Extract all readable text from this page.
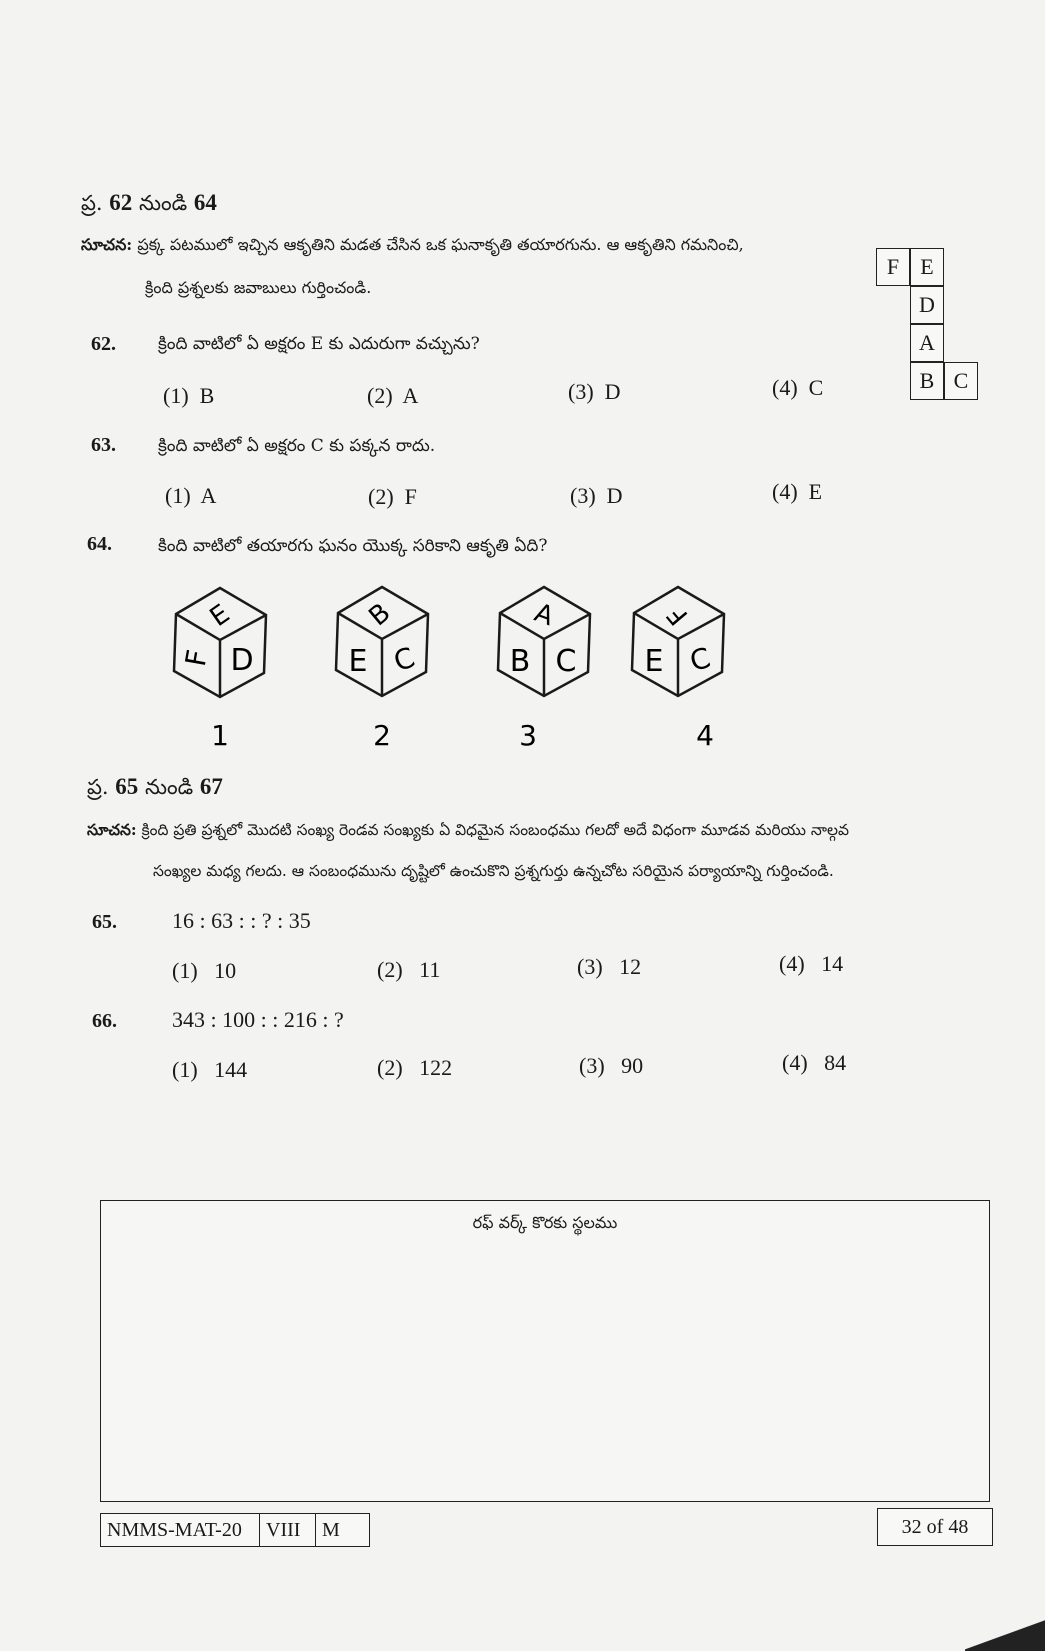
ప్ర. 62 నుండి 64
సూచన: ప్రక్క పటములో ఇచ్చిన ఆకృతిని మడత చేసిన ఒక ఘనాకృతి తయారగును. ఆ ఆకృతిని గమనించి,
క్రింది ప్రశ్నలకు జవాబులు గుర్తించండి.
F E
D
A
B C
62. క్రింది వాటిలో ఏ అక్షరం E కు ఎదురుగా వచ్చును?
(1)  B	(2)  A	(3)  D	(4)  C
63. క్రింది వాటిలో ఏ అక్షరం C కు పక్కన రాదు.
(1)  A	(2)  F	(3)  D	(4)  E
64.	కింది వాటిలో తయారగు ఘనం యొక్క సరికాని ఆకృతి ఏది?
E
F D
1
B
E C
2
A
B C
3
F
E C
4
ప్ర. 65 నుండి 67
సూచన: క్రింది ప్రతి ప్రశ్నలో మొదటి సంఖ్య రెండవ సంఖ్యకు ఏ విధమైన సంబంధము గలదో అదే విధంగా మూడవ మరియు నాల్గవ
సంఖ్యల మధ్య గలదు. ఆ సంబంధమును దృష్టిలో ఉంచుకొని ప్రశ్నగుర్తు ఉన్నచోట సరియైన పర్యాయాన్ని గుర్తించండి.
65.	16 : 63 : : ? : 35
(1)   10	(2)   11	(3)   12	(4)   14
66.	343 : 100 : : 216 : ?
(1)   144	(2)   122	(3)   90	(4)   84
రఫ్ వర్క్ కొరకు స్థలము
NMMS-MAT-20	VIII	M	32 of 48
